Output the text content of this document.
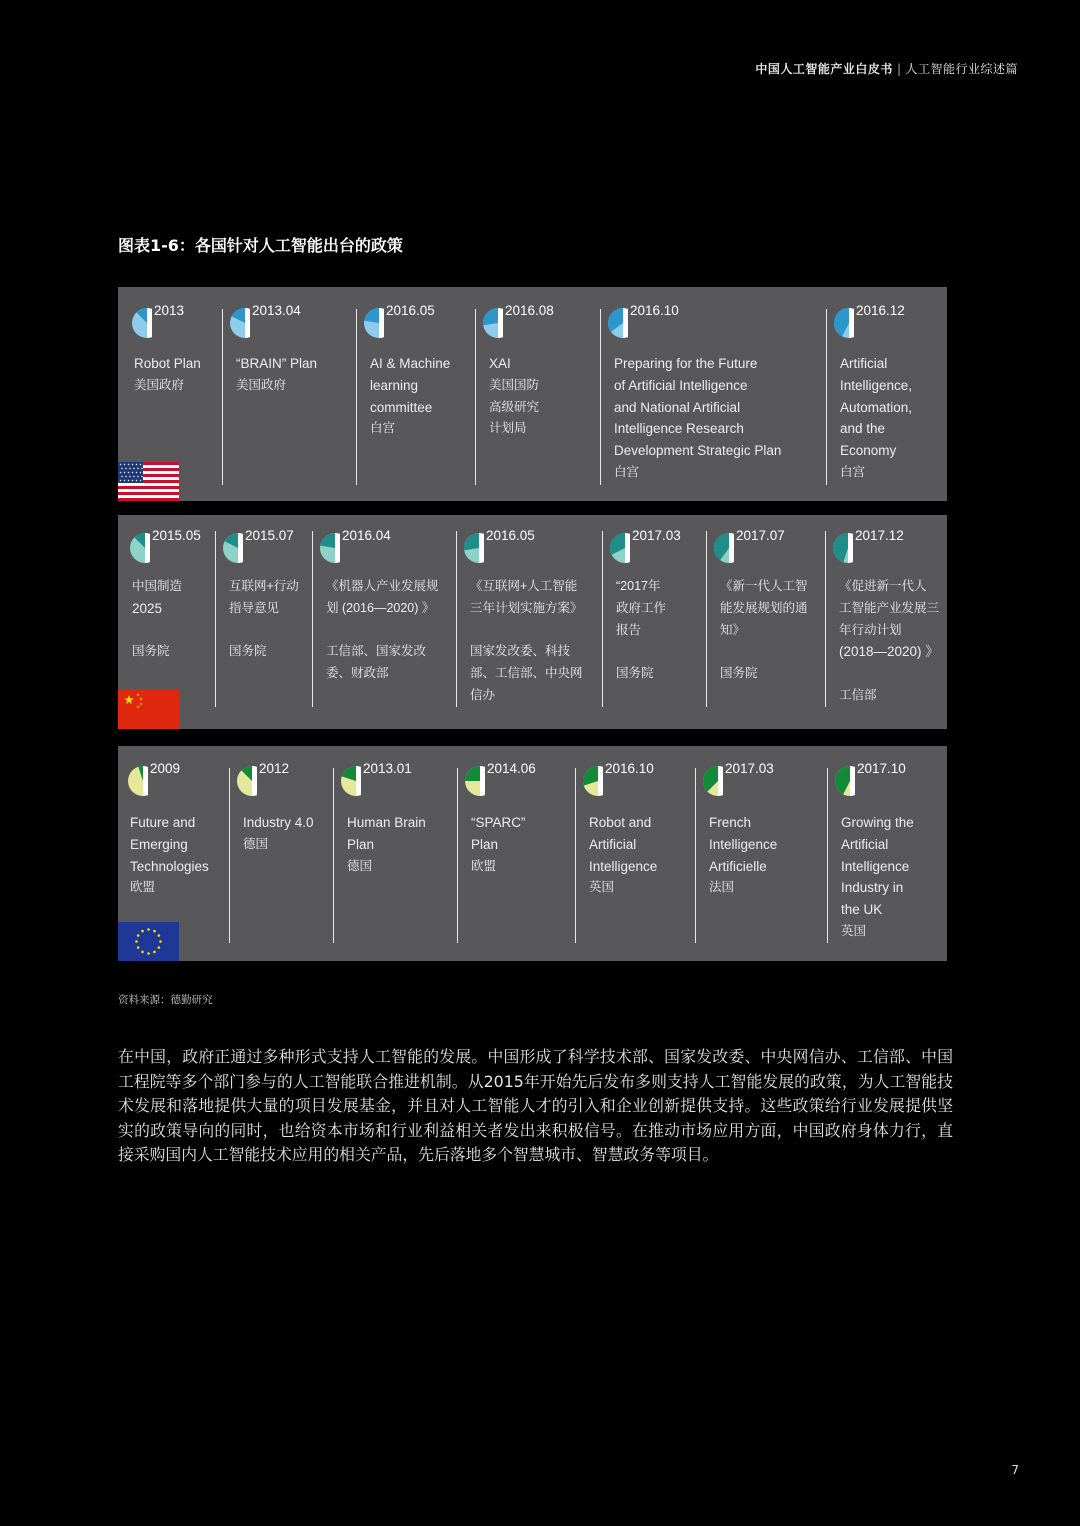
中国人工智能产业白皮书 | 人工智能行业综述篇
图表1-6：各国针对人工智能出台的政策
2013
Robot Plan
美国政府
2013.04
“BRAIN” Plan
美国政府
2016.05
AI & Machine
learning
committee
白宫
2016.08
XAI
美国国防
高级研究
计划局
2016.10
Preparing for the Future
of Artificial Intelligence
and National Artificial
Intelligence Research
Development Strategic Plan
白宫
2016.12
Artificial
Intelligence,
Automation,
and the
Economy
白宫
2015.05
中国制造
2025

国务院
2015.07
互联网+行动
指导意见

国务院
2016.04
《机器人产业发展规
划 (2016—2020) 》

工信部、国家发改
委、财政部
2016.05
《互联网+人工智能
三年计划实施方案》

国家发改委、科技
部、工信部、中央网
信办
2017.03
“2017年
政府工作
报告

国务院
2017.07
《新一代人工智
能发展规划的通
知》

国务院
2017.12
《促进新一代人
工智能产业发展三
年行动计划
(2018—2020) 》

工信部
2009
Future and
Emerging
Technologies
欧盟
2012
Industry 4.0
德国
2013.01
Human Brain
Plan
德国
2014.06
“SPARC”
Plan
欧盟
2016.10
Robot and
Artificial
Intelligence
英国
2017.03
French
Intelligence
Artificielle
法国
2017.10
Growing the
Artificial
Intelligence
Industry in
the UK
英国
资料来源：德勤研究
在中国，政府正通过多种形式支持人工智能的发展。中国形成了科学技术部、国家发改委、中央网信办、工信部、中国工程院等多个部门参与的人工智能联合推进机制。从2015年开始先后发布多则支持人工智能发展的政策，为人工智能技术发展和落地提供大量的项目发展基金，并且对人工智能人才的引入和企业创新提供支持。这些政策给行业发展提供坚实的政策导向的同时，也给资本市场和行业利益相关者发出来积极信号。在推动市场应用方面，中国政府身体力行，直接采购国内人工智能技术应用的相关产品，先后落地多个智慧城市、智慧政务等项目。
7
